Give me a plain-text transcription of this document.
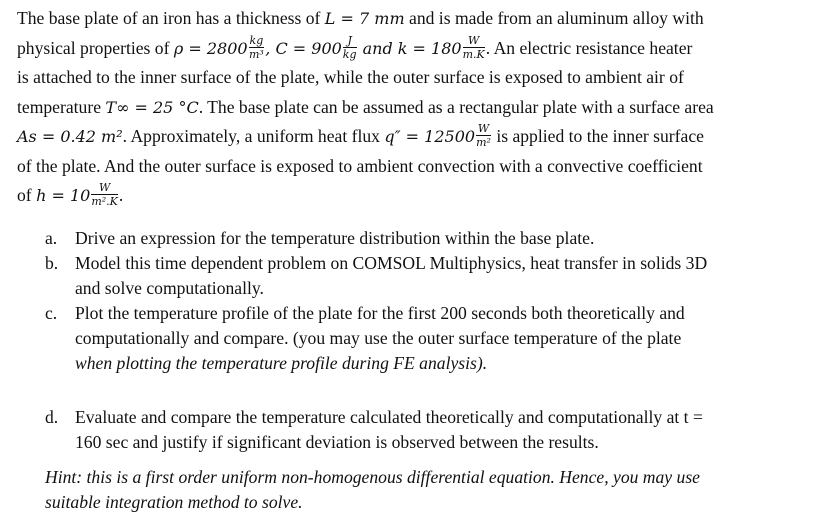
The base plate of an iron has a thickness of L = 7 mm and is made from an aluminum alloy with
physical properties of $\rho = 2800 \frac{kg}{\text{m³}}$ , $C = 900 \frac{J}{kg}$ and $k = 180 \frac{W}{m.K}$ . An electric resistance heater
is attached to the inner surface of the plate, while the outer surface is exposed to ambient air of
temperature T∞ = 25 °C. The base plate can be assumed as a rectangular plate with a surface area
As = 0.42 m². Approximately, a uniform heat flux $q'' = 12500 \frac{W}{\text{m²}}$ is applied to the inner surface
of the plate. And the outer surface is exposed to ambient convection with a convective coefficient
of $h = 10 \frac{W}{\text{m².K}}$ .
a. Drive an expression for the temperature distribution within the base plate.
b. Model this time dependent problem on COMSOL Multiphysics, heat transfer in solids 3D
and solve computationally.
c. Plot the temperature profile of the plate for the first 200 seconds both theoretically and
computationally and compare. (you may use the outer surface temperature of the plate
when plotting the temperature profile during FE analysis).
d. Evaluate and compare the temperature calculated theoretically and computationally at t =
160 sec and justify if significant deviation is observed between the results.
Hint: this is a first order uniform non-homogenous differential equation. Hence, you may use
suitable integration method to solve.
